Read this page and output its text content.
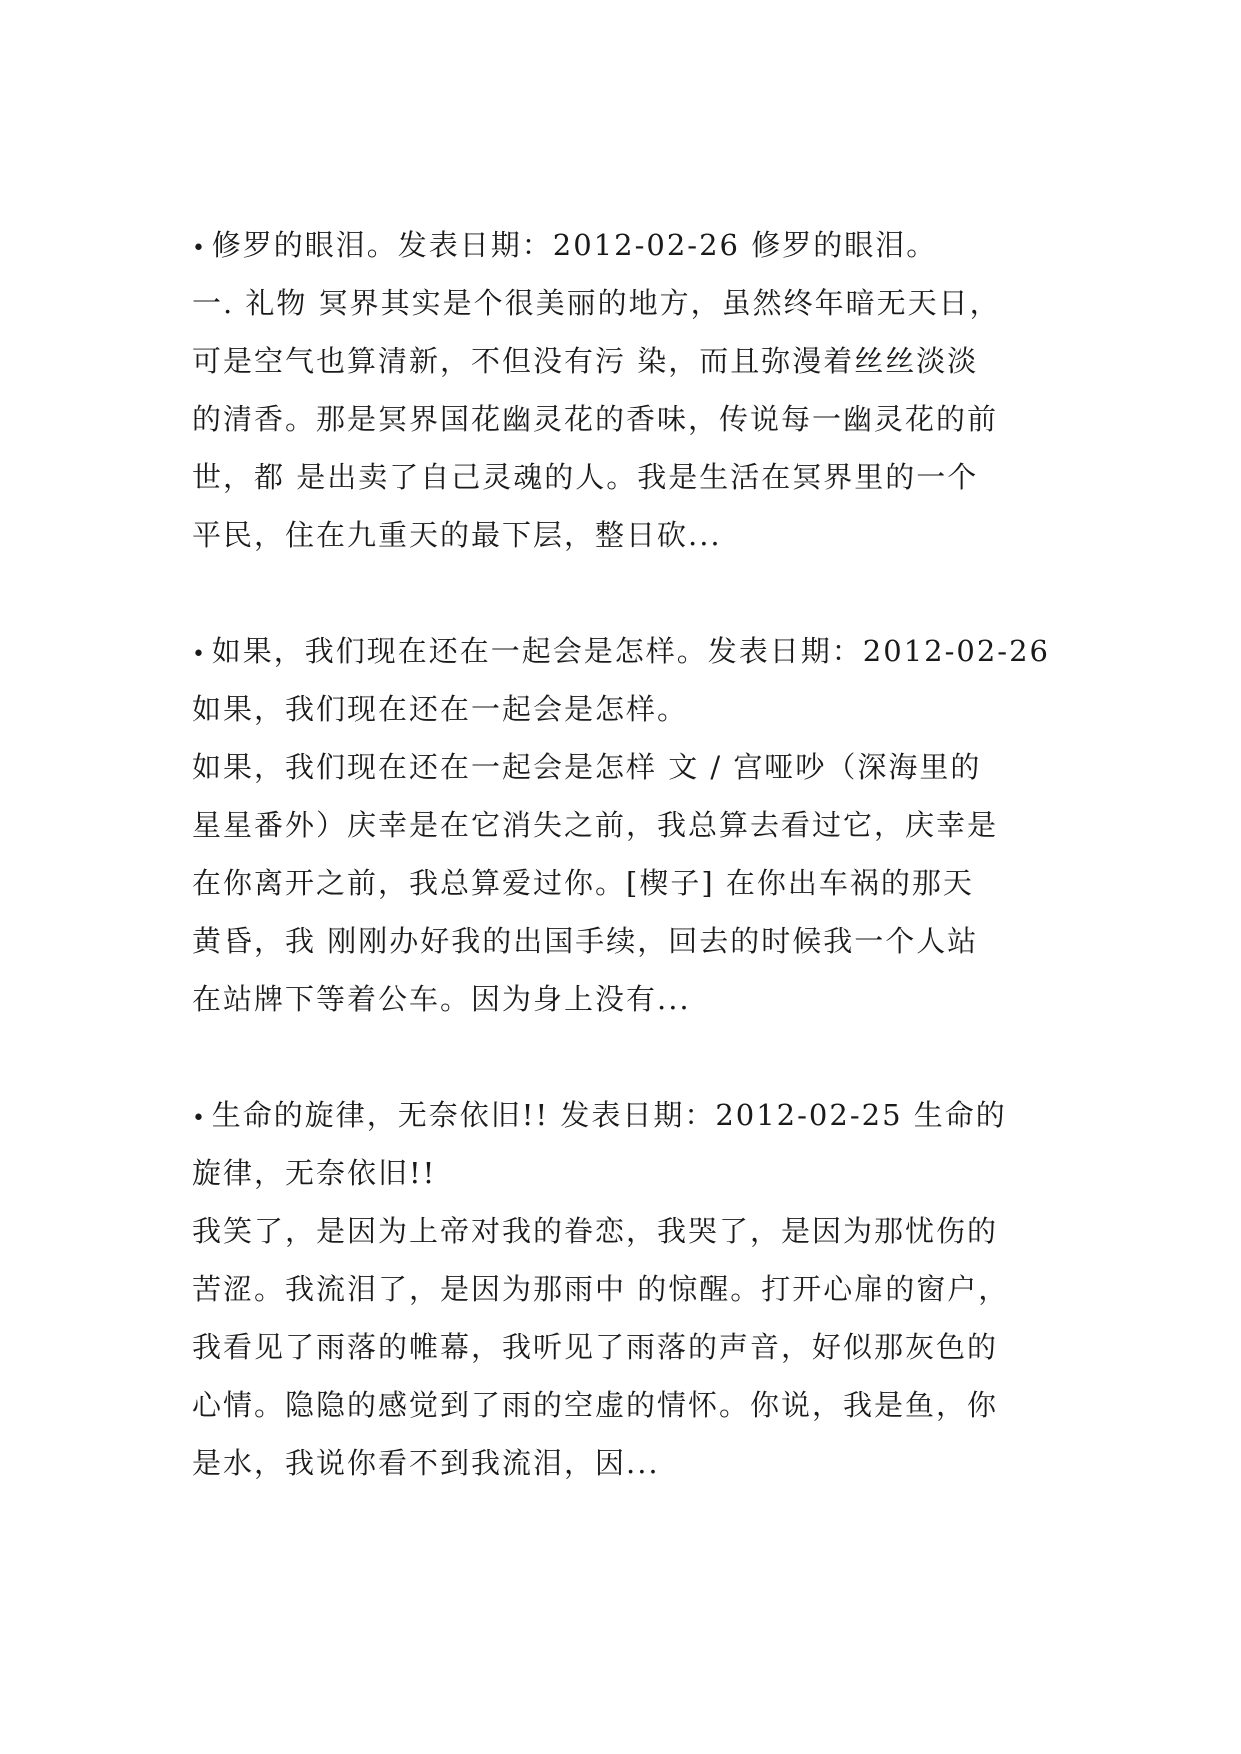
• 修罗的眼泪。发表日期：2012-02-26 修罗的眼泪。
一. 礼物 冥界其实是个很美丽的地方，虽然终年暗无天日，
可是空气也算清新，不但没有污 染，而且弥漫着丝丝淡淡
的清香。那是冥界国花幽灵花的香味，传说每一幽灵花的前
世，都 是出卖了自己灵魂的人。我是生活在冥界里的一个
平民，住在九重天的最下层，整日砍...
• 如果，我们现在还在一起会是怎样。发表日期：2012-02-26
如果，我们现在还在一起会是怎样。
如果，我们现在还在一起会是怎样 文 / 宫哑吵（深海里的
星星番外）庆幸是在它消失之前，我总算去看过它，庆幸是
在你离开之前，我总算爱过你。[楔子] 在你出车祸的那天
黄昏，我 刚刚办好我的出国手续，回去的时候我一个人站
在站牌下等着公车。因为身上没有...
• 生命的旋律，无奈依旧!! 发表日期：2012-02-25 生命的
旋律，无奈依旧!!
我笑了，是因为上帝对我的眷恋，我哭了，是因为那忧伤的
苦涩。我流泪了，是因为那雨中 的惊醒。打开心扉的窗户，
我看见了雨落的帷幕，我听见了雨落的声音，好似那灰色的
心情。隐隐的感觉到了雨的空虚的情怀。你说，我是鱼，你
是水，我说你看不到我流泪，因...
